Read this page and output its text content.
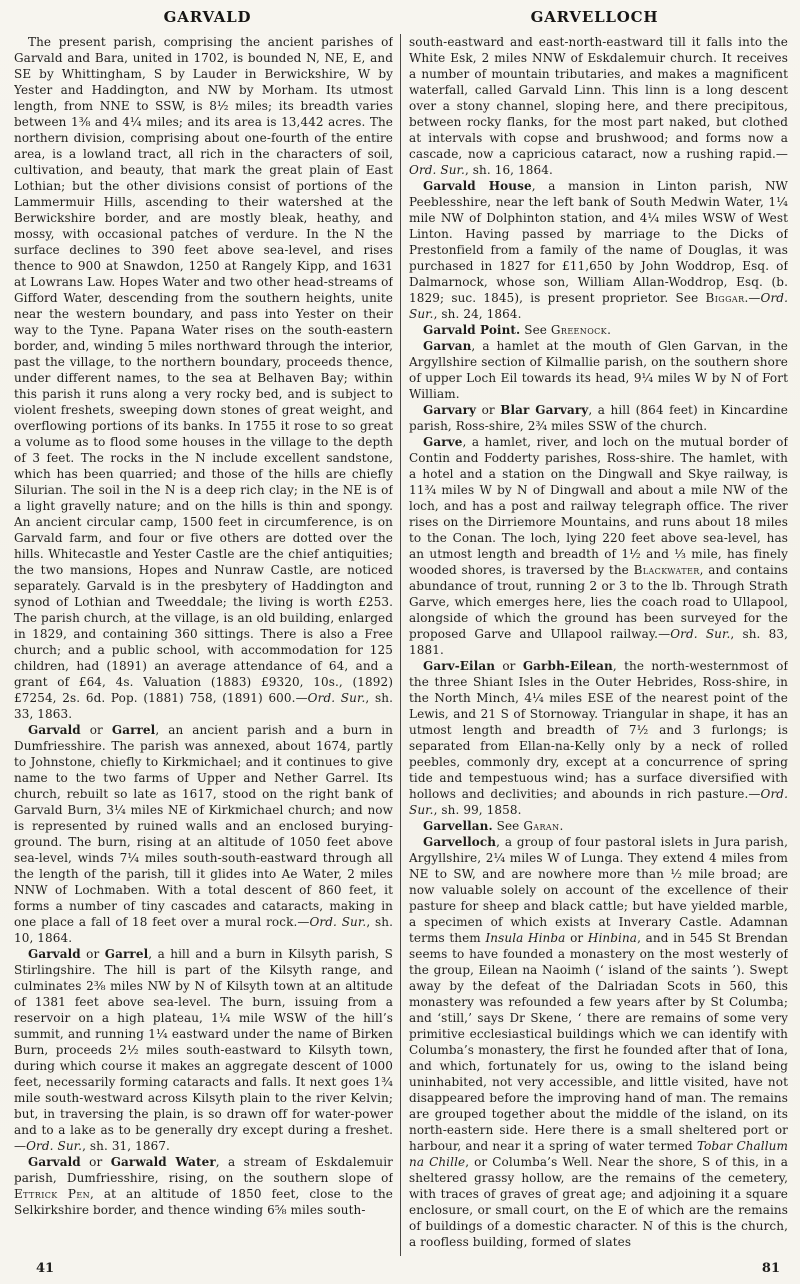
GARVALD	GARVELLOCH

The present parish, comprising the ancient parishes of Garvald and Bara, united in 1702, is bounded N, NE, E, and SE by Whittingham, S by Lauder in Berwickshire, W by Yester and Haddington, and NW by Morham. Its utmost length, from NNE to SSW, is 8½ miles; its breadth varies between 1⅜ and 4¼ miles; and its area is 13,442 acres. The northern division, comprising about one-fourth of the entire area, is a lowland tract, all rich in the characters of soil, cultivation, and beauty, that mark the great plain of East Lothian; but the other divisions consist of portions of the Lammermuir Hills, ascending to their watershed at the Berwickshire border, and are mostly bleak, heathy, and mossy, with occasional patches of verdure. In the N the surface declines to 390 feet above sea-level, and rises thence to 900 at Snawdon, 1250 at Rangely Kipp, and 1631 at Lowrans Law. Hopes Water and two other head-streams of Gifford Water, descending from the southern heights, unite near the western boundary, and pass into Yester on their way to the Tyne. Papana Water rises on the south-eastern border, and, winding 5 miles northward through the interior, past the village, to the northern boundary, proceeds thence, under different names, to the sea at Belhaven Bay; within this parish it runs along a very rocky bed, and is subject to violent freshets, sweeping down stones of great weight, and overflowing portions of its banks. In 1755 it rose to so great a volume as to flood some houses in the village to the depth of 3 feet. The rocks in the N include excellent sandstone, which has been quarried; and those of the hills are chiefly Silurian. The soil in the N is a deep rich clay; in the NE is of a light gravelly nature; and on the hills is thin and spongy. An ancient circular camp, 1500 feet in circumference, is on Garvald farm, and four or five others are dotted over the hills. Whitecastle and Yester Castle are the chief antiquities; the two mansions, Hopes and Nunraw Castle, are noticed separately. Garvald is in the presbytery of Haddington and synod of Lothian and Tweeddale; the living is worth £253. The parish church, at the village, is an old building, enlarged in 1829, and containing 360 sittings. There is also a Free church; and a public school, with accommodation for 125 children, had (1891) an average attendance of 64, and a grant of £64, 4s. Valuation (1883) £9320, 10s., (1892) £7254, 2s. 6d. Pop. (1881) 758, (1891) 600.—Ord. Sur., sh. 33, 1863.

Garvald or Garrel, an ancient parish and a burn in Dumfriesshire. The parish was annexed, about 1674, partly to Johnstone, chiefly to Kirkmichael; and it continues to give name to the two farms of Upper and Nether Garrel. Its church, rebuilt so late as 1617, stood on the right bank of Garvald Burn, 3¼ miles NE of Kirkmichael church; and now is represented by ruined walls and an enclosed burying-ground. The burn, rising at an altitude of 1050 feet above sea-level, winds 7¼ miles south-south-eastward through all the length of the parish, till it glides into Ae Water, 2 miles NNW of Lochmaben. With a total descent of 860 feet, it forms a number of tiny cascades and cataracts, making in one place a fall of 18 feet over a mural rock.—Ord. Sur., sh. 10, 1864.

Garvald or Garrel, a hill and a burn in Kilsyth parish, S Stirlingshire. The hill is part of the Kilsyth range, and culminates 2⅜ miles NW by N of Kilsyth town at an altitude of 1381 feet above sea-level. The burn, issuing from a reservoir on a high plateau, 1¼ mile WSW of the hill’s summit, and running 1¼ eastward under the name of Birken Burn, proceeds 2½ miles south-eastward to Kilsyth town, during which course it makes an aggregate descent of 1000 feet, necessarily forming cataracts and falls. It next goes 1¾ mile south-westward across Kilsyth plain to the river Kelvin; but, in traversing the plain, is so drawn off for water-power and to a lake as to be generally dry except during a freshet.—Ord. Sur., sh. 31, 1867.

Garvald or Garwald Water, a stream of Eskdalemuir parish, Dumfriesshire, rising, on the southern slope of Ettrick Pen, at an altitude of 1850 feet, close to the Selkirkshire border, and thence winding 6⅝ miles south-

south-eastward and east-north-eastward till it falls into the White Esk, 2 miles NNW of Eskdalemuir church. It receives a number of mountain tributaries, and makes a magnificent waterfall, called Garvald Linn. This linn is a long descent over a stony channel, sloping here, and there precipitous, between rocky flanks, for the most part naked, but clothed at intervals with copse and brushwood; and forms now a cascade, now a capricious cataract, now a rushing rapid.—Ord. Sur., sh. 16, 1864.

Garvald House, a mansion in Linton parish, NW Peeblesshire, near the left bank of South Medwin Water, 1¼ mile NW of Dolphinton station, and 4¼ miles WSW of West Linton. Having passed by marriage to the Dicks of Prestonfield from a family of the name of Douglas, it was purchased in 1827 for £11,650 by John Woddrop, Esq. of Dalmarnock, whose son, William Allan-Woddrop, Esq. (b. 1829; suc. 1845), is present proprietor. See Biggar.—Ord. Sur., sh. 24, 1864.

Garvald Point. See Greenock.

Garvan, a hamlet at the mouth of Glen Garvan, in the Argyllshire section of Kilmallie parish, on the southern shore of upper Loch Eil towards its head, 9¼ miles W by N of Fort William.

Garvary or Blar Garvary, a hill (864 feet) in Kincardine parish, Ross-shire, 2¾ miles SSW of the church.

Garve, a hamlet, river, and loch on the mutual border of Contin and Fodderty parishes, Ross-shire. The hamlet, with a hotel and a station on the Dingwall and Skye railway, is 11¾ miles W by N of Dingwall and about a mile NW of the loch, and has a post and railway telegraph office. The river rises on the Dirriemore Mountains, and runs about 18 miles to the Conan. The loch, lying 220 feet above sea-level, has an utmost length and breadth of 1½ and ⅓ mile, has finely wooded shores, is traversed by the Blackwater, and contains abundance of trout, running 2 or 3 to the lb. Through Strath Garve, which emerges here, lies the coach road to Ullapool, alongside of which the ground has been surveyed for the proposed Garve and Ullapool railway.—Ord. Sur., sh. 83, 1881.

Garv-Eilan or Garbh-Eilean, the north-westernmost of the three Shiant Isles in the Outer Hebrides, Ross-shire, in the North Minch, 4¼ miles ESE of the nearest point of the Lewis, and 21 S of Stornoway. Triangular in shape, it has an utmost length and breadth of 7½ and 3 furlongs; is separated from Ellan-na-Kelly only by a neck of rolled peebles, commonly dry, except at a concurrence of spring tide and tempestuous wind; has a surface diversified with hollows and declivities; and abounds in rich pasture.—Ord. Sur., sh. 99, 1858.

Garvellan. See Garan.

Garvelloch, a group of four pastoral islets in Jura parish, Argyllshire, 2¼ miles W of Lunga. They extend 4 miles from NE to SW, and are nowhere more than ½ mile broad; are now valuable solely on account of the excellence of their pasture for sheep and black cattle; but have yielded marble, a specimen of which exists at Inverary Castle. Adamnan terms them Insula Hinba or Hinbina, and in 545 St Brendan seems to have founded a monastery on the most westerly of the group, Eilean na Naoimh (‘ island of the saints ’). Swept away by the defeat of the Dalriadan Scots in 560, this monastery was refounded a few years after by St Columba; and ‘still,’ says Dr Skene, ‘ there are remains of some very primitive ecclesiastical buildings which we can identify with Columba’s monastery, the first he founded after that of Iona, and which, fortunately for us, owing to the island being uninhabited, not very accessible, and little visited, have not disappeared before the improving hand of man. The remains are grouped together about the middle of the island, on its north-eastern side. Here there is a small sheltered port or harbour, and near it a spring of water termed Tobar Challum na Chille, or Columba’s Well. Near the shore, S of this, in a sheltered grassy hollow, are the remains of the cemetery, with traces of graves of great age; and adjoining it a square enclosure, or small court, on the E of which are the remains of buildings of a domestic character. N of this is the church, a roofless building, formed of slates

41	81
